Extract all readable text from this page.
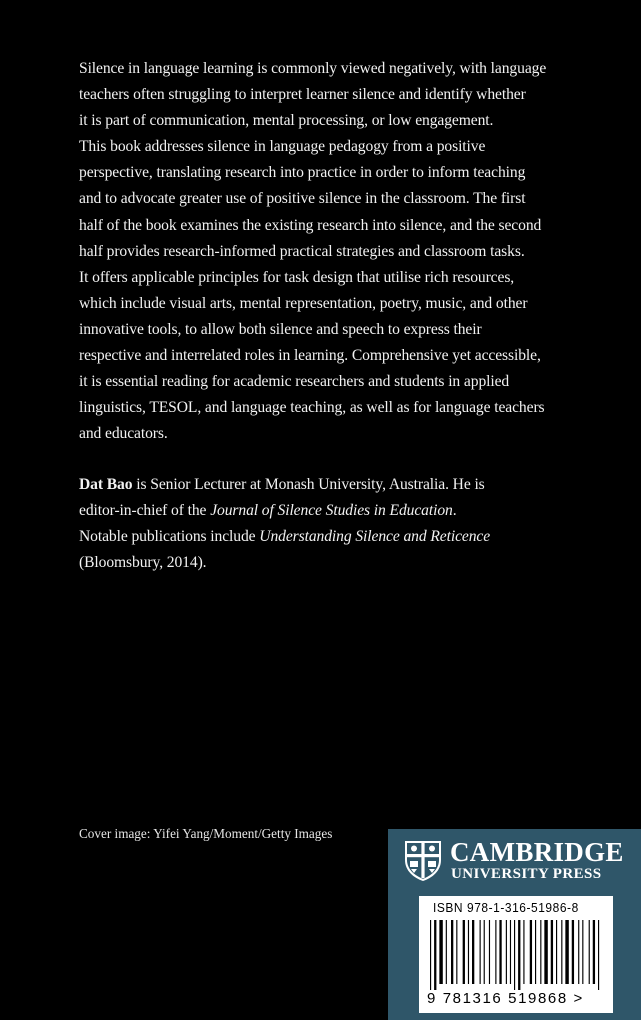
Silence in language learning is commonly viewed negatively, with language
teachers often struggling to interpret learner silence and identify whether
it is part of communication, mental processing, or low engagement.
This book addresses silence in language pedagogy from a positive
perspective, translating research into practice in order to inform teaching
and to advocate greater use of positive silence in the classroom. The first
half of the book examines the existing research into silence, and the second
half provides research-informed practical strategies and classroom tasks.
It offers applicable principles for task design that utilise rich resources,
which include visual arts, mental representation, poetry, music, and other
innovative tools, to allow both silence and speech to express their
respective and interrelated roles in learning. Comprehensive yet accessible,
it is essential reading for academic researchers and students in applied
linguistics, TESOL, and language teaching, as well as for language teachers
and educators.
Dat Bao is Senior Lecturer at Monash University, Australia. He is
editor-in-chief of the Journal of Silence Studies in Education.
Notable publications include Understanding Silence and Reticence
(Bloomsbury, 2014).
Cover image: Yifei Yang/Moment/Getty Images
CAMBRIDGE
UNIVERSITY PRESS
ISBN 978-1-316-51986-8
9 781316 519868 >
